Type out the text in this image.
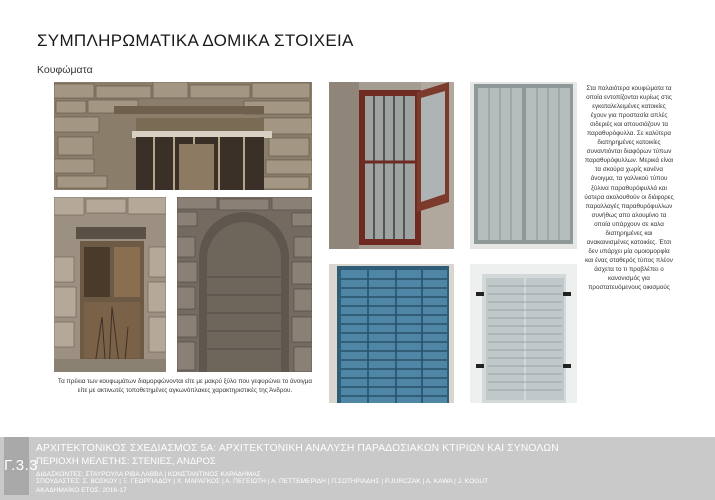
ΣΥΜΠΛΗΡΩΜΑΤΙΚΑ ΔΟΜΙΚΑ ΣΤΟΙΧΕΙΑ
Κουφώματα
Τα πρέκια των κουφωμάτων διαμορφώνονται είτε με μακρύ ξύλο που γεφυρώνει το άνοιγμα είτε με ακτινωτές τοποθετημένες αγκωνόπλακες χαρακτηριστικές της Άνδρου.
Στα παλαιότερα κουφώματα τα οποία εντοπίζονται κυρίως στις εγκαταλελειμένες κατοικίες έχουν για προστασία απλές σιδεριές και απουσιάζουν τα παραθυρόφυλλα. Σε καλύτερα διατηρημένες κατοικίες συναντιόνται διαφόρων τύπων παραθυρόφυλλων. Μερικά είναι τα σκούρα χωρίς κανένα άνοιγμα, τα γαλλικού τύπου ξύλινα παραθυρόφυλλά και ύστερα ακολουθούν οι διάφορες παραλλαγές παραθυρόφυλλων συνήθως απο αλουμίνιο τα οποία υπάρχουν σε καλα διατηρημένες και ανακαινισμένες κατοικίες. Έτσι δεν υπάρχει μία ομοιομορφία και ένας σταθερός τύπος πλέον άσχετα το τι προβλέπει ο κανονισμός για προστατευόμενους οικισμούς
Γ.3.3
ΑΡΧΙΤΕΚΤΟΝΙΚΟΣ ΣΧΕΔΙΑΣΜΟΣ 5Α: ΑΡΧΙΤΕΚΤΟΝΙΚΗ ΑΝΑΛΥΣΗ ΠΑΡΑΔΟΣΙΑΚΩΝ ΚΤΙΡΙΩΝ ΚΑΙ ΣΥΝΟΛΩΝ
ΠΕΡΙΟΧΗ ΜΕΛΕΤΗΣ: ΣΤΕΝΙΕΣ, ΑΝΔΡΟΣ
ΔΙΔΑΣΚΟΝΤΕΣ: ΣΤΑΥΡΟΥΛΑ ΡΙΒΑ ΛΑΒΒΑ | ΚΩΝΣΤΑΝΤΙΝΟΣ ΚΑΡΑΔΗΜΑΣ
ΣΠΟΥΔΑΣΤΕΣ: Σ. ΒΟΣΚΟΥ | Ξ. ΓΕΩΡΓΙΑΔΟΥ | Χ. ΜΑΡΑΓΚΟΣ | Α. ΠΕΓΕΙΩΤΗ | Α. ΠΕΤΤΕΜΕΡΙΔΗ | Π.ΣΩΤΗΡΙΑΔΗΣ | P.JURCZAK | A. KAWA | J. KOGUT
ΑΚΑΔΗΜΑΪΚΟ ΕΤΟΣ: 2016-17
